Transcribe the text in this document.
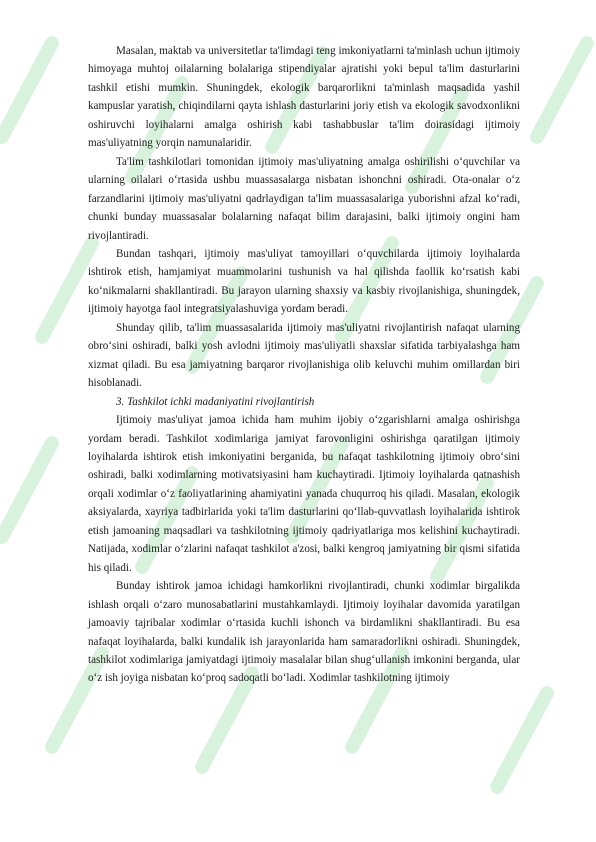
Masalan, maktab va universitetlar ta'limdagi teng imkoniyatlarni ta'minlash uchun ijtimoiy himoyaga muhtoj oilalarning bolalariga stipendiyalar ajratishi yoki bepul ta'lim dasturlarini tashkil etishi mumkin. Shuningdek, ekologik barqarorlikni ta'minlash maqsadida yashil kampuslar yaratish, chiqindilarni qayta ishlash dasturlarini joriy etish va ekologik savodxonlikni oshiruvchi loyihalarni amalga oshirish kabi tashabbuslar ta'lim doirasidagi ijtimoiy mas'uliyatning yorqin namunalaridir.

Ta'lim tashkilotlari tomonidan ijtimoiy mas'uliyatning amalga oshirilishi o‘quvchilar va ularning oilalari o‘rtasida ushbu muassasalarga nisbatan ishonchni oshiradi. Ota-onalar o‘z farzandlarini ijtimoiy mas'uliyatni qadrlaydigan ta'lim muassasalariga yuborishni afzal ko‘radi, chunki bunday muassasalar bolalarning nafaqat bilim darajasini, balki ijtimoiy ongini ham rivojlantiradi.

Bundan tashqari, ijtimoiy mas'uliyat tamoyillari o‘quvchilarda ijtimoiy loyihalarda ishtirok etish, hamjamiyat muammolarini tushunish va hal qilishda faollik ko‘rsatish kabi ko‘nikmalarni shakllantiradi. Bu jarayon ularning shaxsiy va kasbiy rivojlanishiga, shuningdek, ijtimoiy hayotga faol integratsiyalashuviga yordam beradi.

Shunday qilib, ta'lim muassasalarida ijtimoiy mas'uliyatni rivojlantirish nafaqat ularning obro‘sini oshiradi, balki yosh avlodni ijtimoiy mas'uliyatli shaxslar sifatida tarbiyalashga ham xizmat qiladi. Bu esa jamiyatning barqaror rivojlanishiga olib keluvchi muhim omillardan biri hisoblanadi.

3. Tashkilot ichki madaniyatini rivojlantirish

Ijtimoiy mas'uliyat jamoa ichida ham muhim ijobiy o‘zgarishlarni amalga oshirishga yordam beradi. Tashkilot xodimlariga jamiyat farovonligini oshirishga qaratilgan ijtimoiy loyihalarda ishtirok etish imkoniyatini berganida, bu nafaqat tashkilotning ijtimoiy obro‘sini oshiradi, balki xodimlarning motivatsiyasini ham kuchaytiradi. Ijtimoiy loyihalarda qatnashish orqali xodimlar o‘z faoliyatlarining ahamiyatini yanada chuqurroq his qiladi. Masalan, ekologik aksiyalarda, xayriya tadbirlarida yoki ta'lim dasturlarini qo‘llab-quvvatlash loyihalarida ishtirok etish jamoaning maqsadlari va tashkilotning ijtimoiy qadriyatlariga mos kelishini kuchaytiradi. Natijada, xodimlar o‘zlarini nafaqat tashkilot a'zosi, balki kengroq jamiyatning bir qismi sifatida his qiladi.

Bunday ishtirok jamoa ichidagi hamkorlikni rivojlantiradi, chunki xodimlar birgalikda ishlash orqali o‘zaro munosabatlarini mustahkamlaydi. Ijtimoiy loyihalar davomida yaratilgan jamoaviy tajribalar xodimlar o‘rtasida kuchli ishonch va birdamlikni shakllantiradi. Bu esa nafaqat loyihalarda, balki kundalik ish jarayonlarida ham samaradorlikni oshiradi. Shuningdek, tashkilot xodimlariga jamiyatdagi ijtimoiy masalalar bilan shug‘ullanish imkonini berganda, ular o‘z ish joyiga nisbatan ko‘proq sadoqatli bo‘ladi. Xodimlar tashkilotning ijtimoiy
